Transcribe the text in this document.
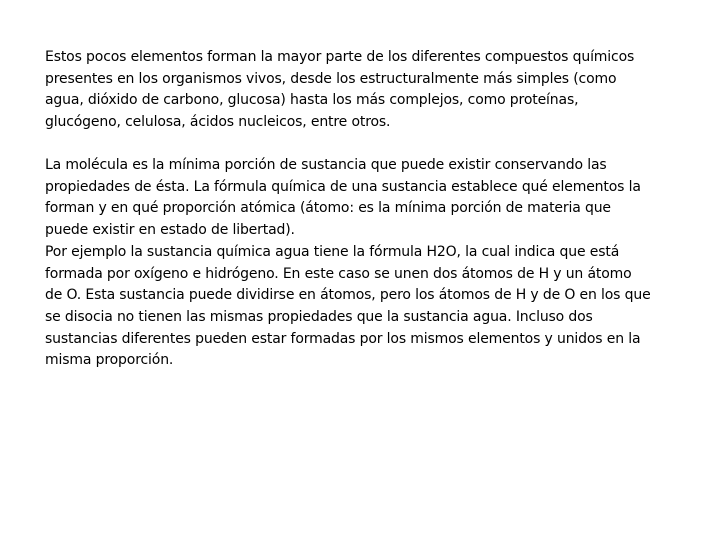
Estos pocos elementos forman la mayor parte de los diferentes compuestos químicos
presentes en los organismos vivos, desde los estructuralmente más simples (como
agua, dióxido de carbono, glucosa) hasta los más complejos, como proteínas,
glucógeno, celulosa, ácidos nucleicos, entre otros.
La molécula es la mínima porción de sustancia que puede existir conservando las
propiedades de ésta. La fórmula química de una sustancia establece qué elementos la
forman y en qué proporción atómica (átomo: es la mínima porción de materia que
puede existir en estado de libertad).
Por ejemplo la sustancia química agua tiene la fórmula H2O, la cual indica que está
formada por oxígeno e hidrógeno. En este caso se unen dos átomos de H y un átomo
de O. Esta sustancia puede dividirse en átomos, pero los átomos de H y de O en los que
se disocia no tienen las mismas propiedades que la sustancia agua. Incluso dos
sustancias diferentes pueden estar formadas por los mismos elementos y unidos en la
misma proporción.
